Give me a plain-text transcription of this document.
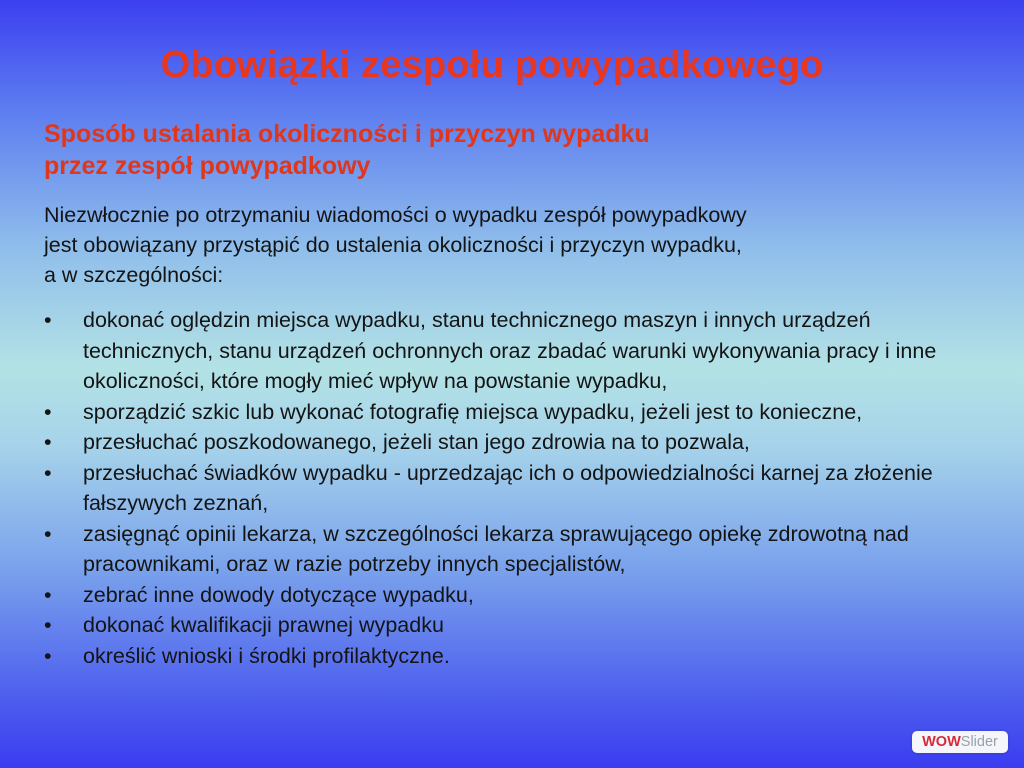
Obowiązki zespołu powypadkowego
Sposób ustalania okoliczności i przyczyn wypadku
przez zespół powypadkowy
Niezwłocznie po otrzymaniu wiadomości o wypadku zespół powypadkowy
jest obowiązany przystąpić do ustalenia okoliczności i przyczyn wypadku,
a w szczególności:
• dokonać oględzin miejsca wypadku, stanu technicznego maszyn i innych urządzeń technicznych, stanu urządzeń ochronnych oraz zbadać warunki wykonywania pracy i inne okoliczności, które mogły mieć wpływ na powstanie wypadku,
• sporządzić szkic lub wykonać fotografię miejsca wypadku, jeżeli jest to konieczne,
• przesłuchać poszkodowanego, jeżeli stan jego zdrowia na to pozwala,
• przesłuchać świadków wypadku - uprzedzając ich o odpowiedzialności karnej za złożenie fałszywych zeznań,
• zasięgnąć opinii lekarza, w szczególności lekarza sprawującego opiekę zdrowotną nad pracownikami, oraz w razie potrzeby innych specjalistów,
• zebrać inne dowody dotyczące wypadku,
• dokonać kwalifikacji prawnej wypadku
• określić wnioski i środki profilaktyczne.
WOWSlider
